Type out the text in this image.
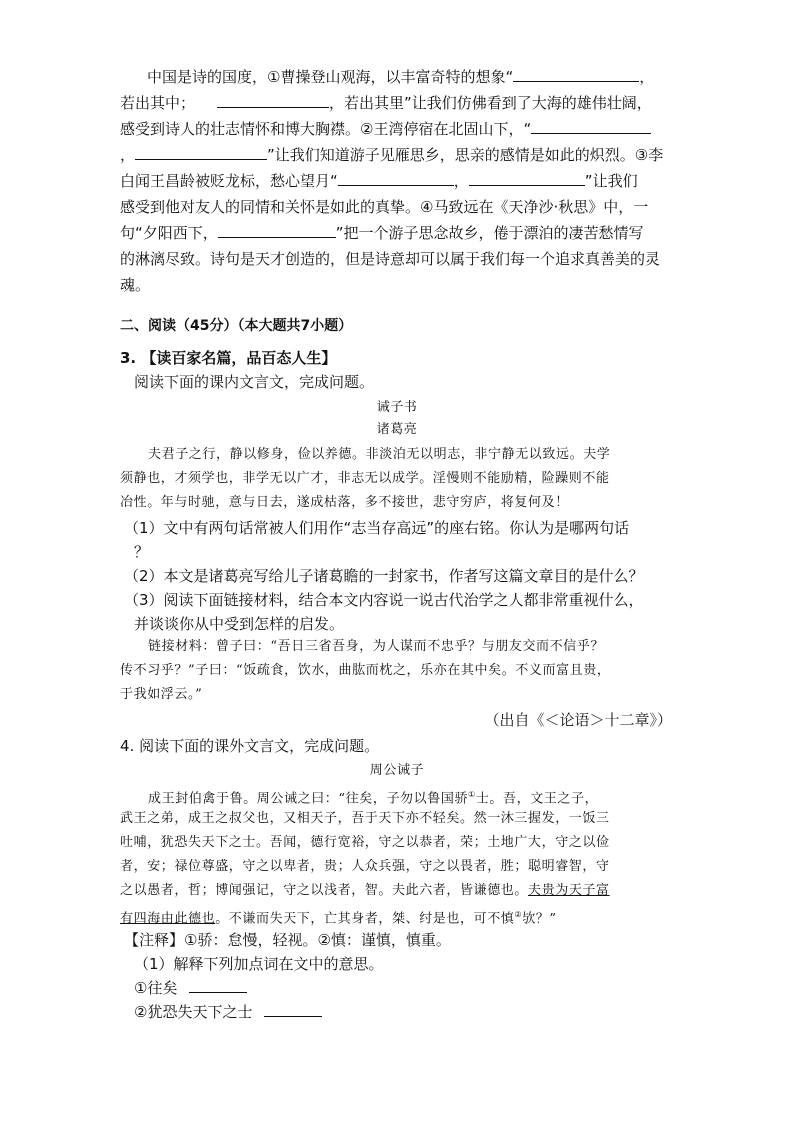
中国是诗的国度，①曹操登山观海，以丰富奇特的想象“	，
若出其中；	，若出其里”让我们仿佛看到了大海的雄伟壮阔，
感受到诗人的壮志情怀和博大胸襟。②王湾停宿在北固山下，“
，	”让我们知道游子见雁思乡，思亲的感情是如此的炽烈。③李
白闻王昌龄被贬龙标，愁心望月“	，	”让我们
感受到他对友人的同情和关怀是如此的真挚。④马致远在《天净沙·秋思》中，一
句“夕阳西下，	”把一个游子思念故乡，倦于漂泊的凄苦愁情写
的淋漓尽致。诗句是天才创造的，但是诗意却可以属于我们每一个追求真善美的灵
魂。
二、阅读（45分）（本大题共7小题）
3. 【读百家名篇，品百态人生】
阅读下面的课内文言文，完成问题。
诫子书
诸葛亮
夫君子之行，静以修身，俭以养德。非淡泊无以明志，非宁静无以致远。夫学
须静也，才须学也，非学无以广才，非志无以成学。淫慢则不能励精，险躁则不能
冶性。年与时驰，意与日去，遂成枯落，多不接世，悲守穷庐，将复何及！
（1）文中有两句话常被人们用作“志当存高远”的座右铭。你认为是哪两句话
？
（2）本文是诸葛亮写给儿子诸葛瞻的一封家书，作者写这篇文章目的是什么？
（3）阅读下面链接材料，结合本文内容说一说古代治学之人都非常重视什么，
并谈谈你从中受到怎样的启发。
链接材料：曾子曰：“吾日三省吾身，为人谋而不忠乎？与朋友交而不信乎？
传不习乎？”子曰：“饭疏食，饮水，曲肱而枕之，乐亦在其中矣。不义而富且贵，
于我如浮云。”
（出自《＜论语＞十二章》）
4. 阅读下面的课外文言文，完成问题。
周公诫子
成王封伯禽于鲁。周公诫之曰：“往矣，子勿以鲁国骄①士。吾，文王之子，
武王之弟，成王之叔父也，又相天子，吾于天下亦不轻矣。然一沐三握发，一饭三
吐哺，犹恐失天下之士。吾闻，德行宽裕，守之以恭者，荣；土地广大，守之以俭
者，安；禄位尊盛，守之以卑者，贵；人众兵强，守之以畏者，胜；聪明睿智，守
之以愚者，哲；博闻强记，守之以浅者，智。夫此六者，皆谦德也。夫贵为天子富
有四海由此德也。不谦而失天下，亡其身者，桀、纣是也，可不慎②欤？”
【注释】①骄：怠慢，轻视。②慎：谨慎，慎重。
（1）解释下列加点词在文中的意思。
①往矣
②犹恐失天下之士
